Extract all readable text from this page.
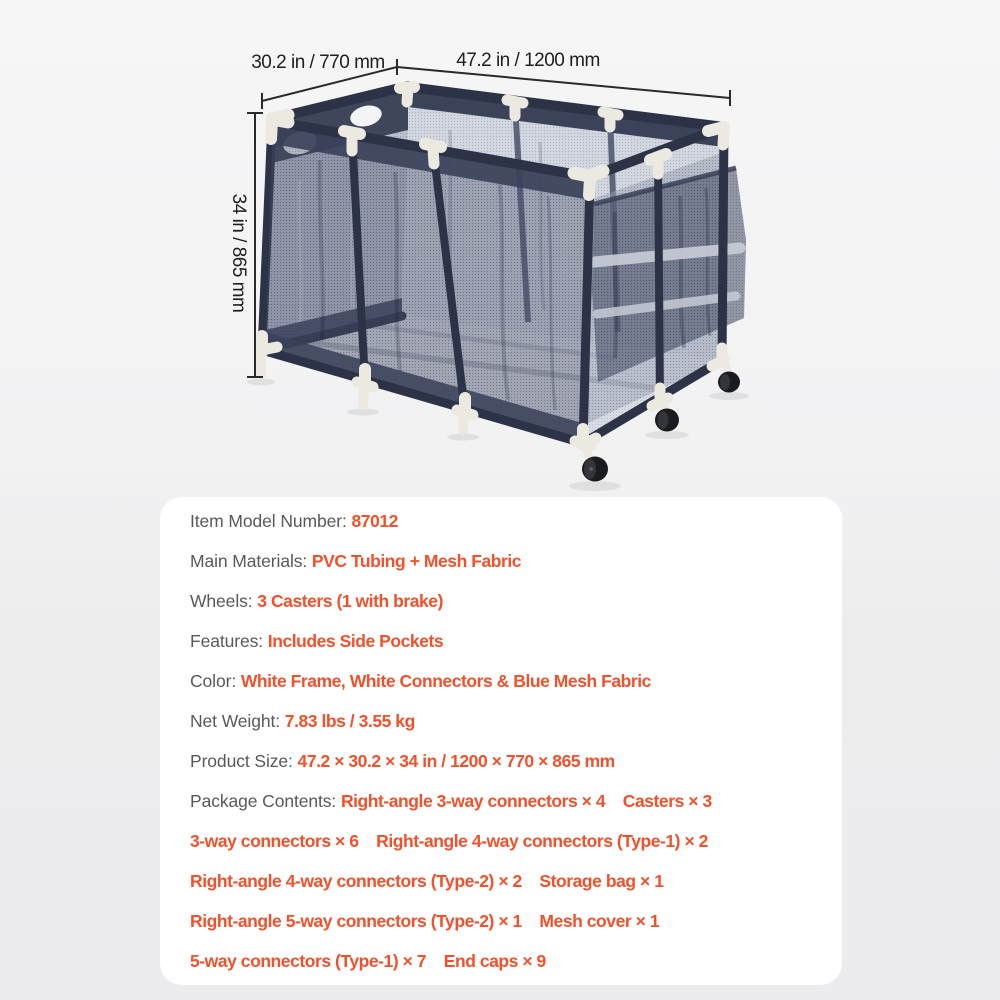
30.2 in / 770 mm	47.2 in / 1200 mm
34 in / 865 mm
Item Model Number: 87012
Main Materials: PVC Tubing + Mesh Fabric
Wheels: 3 Casters (1 with brake)
Features: Includes Side Pockets
Color: White Frame, White Connectors & Blue Mesh Fabric
Net Weight: 7.83 lbs / 3.55 kg
Product Size: 47.2 × 30.2 × 34 in / 1200 × 770 × 865 mm
Package Contents: Right-angle 3-way connectors × 4    Casters × 3
3-way connectors × 6    Right-angle 4-way connectors (Type-1) × 2
Right-angle 4-way connectors (Type-2) × 2    Storage bag × 1
Right-angle 5-way connectors (Type-2) × 1    Mesh cover × 1
5-way connectors (Type-1) × 7    End caps × 9
